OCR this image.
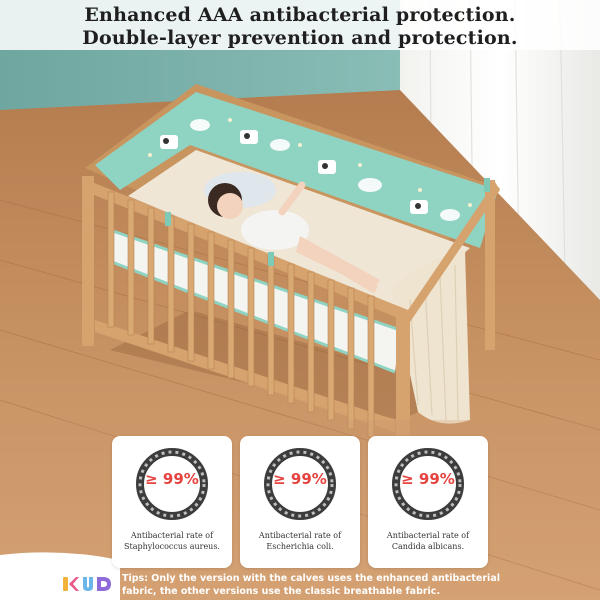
Enhanced AAA antibacterial protection.
Double-layer prevention and protection.
≥ 99%
Antibacterial rate of
Staphylococcus aureus.
≥ 99%
Antibacterial rate of
Escherichia coli.
≥ 99%
Antibacterial rate of
Candida albicans.
Tips: Only the version with the calves uses the enhanced antibacterial
fabric, the other versions use the classic breathable fabric.
